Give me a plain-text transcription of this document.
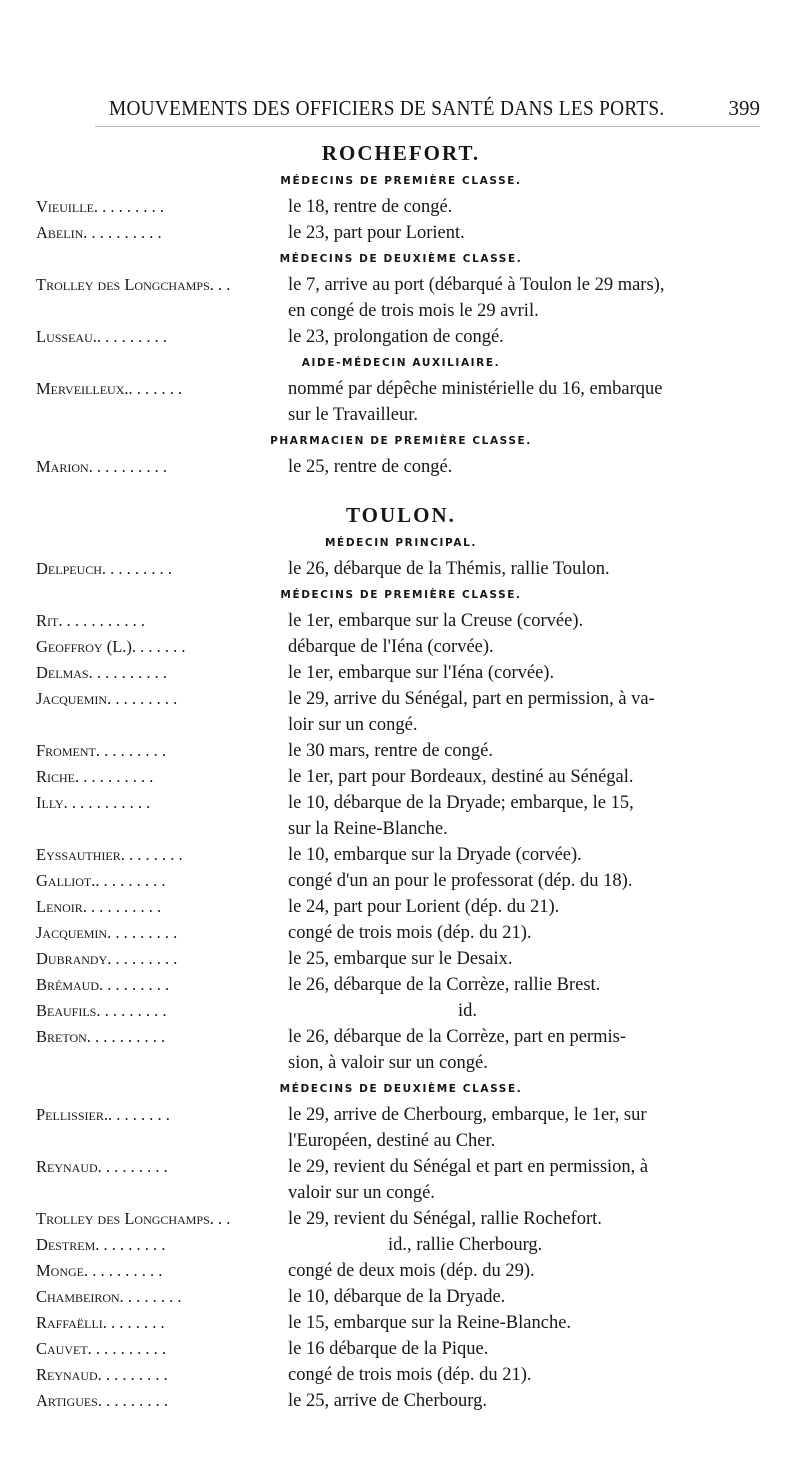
MOUVEMENTS DES OFFICIERS DE SANTÉ DANS LES PORTS.	399
ROCHEFORT.
MÉDECINS DE PREMIÈRE CLASSE.
Vieuille. . . . . . . . .	le 18, rentre de congé.
Abelin. . . . . . . . . .	le 23, part pour Lorient.
MÉDECINS DE DEUXIÈME CLASSE.
Trolley des Longchamps. . .	le 7, arrive au port (débarqué à Toulon le 29 mars),
en congé de trois mois le 29 avril.
Lusseau.. . . . . . . . .	le 23, prolongation de congé.
AIDE-MÉDECIN AUXILIAIRE.
Merveilleux.. . . . . . .	nommé par dépêche ministérielle du 16, embarque
sur le Travailleur.
PHARMACIEN DE PREMIÈRE CLASSE.
Marion. . . . . . . . . .	le 25, rentre de congé.
TOULON.
MÉDECIN PRINCIPAL.
Delpeuch. . . . . . . . .	le 26, débarque de la Thémis, rallie Toulon.
MÉDECINS DE PREMIÈRE CLASSE.
Rit. . . . . . . . . . .	le 1er, embarque sur la Creuse (corvée).
Geoffroy (L.). . . . . . .	débarque de l'Iéna (corvée).
Delmas. . . . . . . . . .	le 1er, embarque sur l'Iéna (corvée).
Jacquemin. . . . . . . . .	le 29, arrive du Sénégal, part en permission, à va-
loir sur un congé.
Froment. . . . . . . . .	le 30 mars, rentre de congé.
Riche. . . . . . . . . .	le 1er, part pour Bordeaux, destiné au Sénégal.
Illy. . . . . . . . . . .	le 10, débarque de la Dryade; embarque, le 15,
sur la Reine-Blanche.
Eyssauthier. . . . . . . .	le 10, embarque sur la Dryade (corvée).
Galliot.. . . . . . . . .	congé d'un an pour le professorat (dép. du 18).
Lenoir. . . . . . . . . .	le 24, part pour Lorient (dép. du 21).
Jacquemin. . . . . . . . .	congé de trois mois (dép. du 21).
Dubrandy. . . . . . . . .	le 25, embarque sur le Desaix.
Brémaud. . . . . . . . .	le 26, débarque de la Corrèze, rallie Brest.
Beaufils. . . . . . . . .	id.
Breton. . . . . . . . . .	le 26, débarque de la Corrèze, part en permis-
sion, à valoir sur un congé.
MÉDECINS DE DEUXIÈME CLASSE.
Pellissier.. . . . . . . .	le 29, arrive de Cherbourg, embarque, le 1er, sur
l'Européen, destiné au Cher.
Reynaud. . . . . . . . .	le 29, revient du Sénégal et part en permission, à
valoir sur un congé.
Trolley des Longchamps. . .	le 29, revient du Sénégal, rallie Rochefort.
Destrem. . . . . . . . .	id., rallie Cherbourg.
Monge. . . . . . . . . .	congé de deux mois (dép. du 29).
Chambeiron. . . . . . . .	le 10, débarque de la Dryade.
Raffaëlli. . . . . . . .	le 15, embarque sur la Reine-Blanche.
Cauvet. . . . . . . . . .	le 16 débarque de la Pique.
Reynaud. . . . . . . . .	congé de trois mois (dép. du 21).
Artigues. . . . . . . . .	le 25, arrive de Cherbourg.
